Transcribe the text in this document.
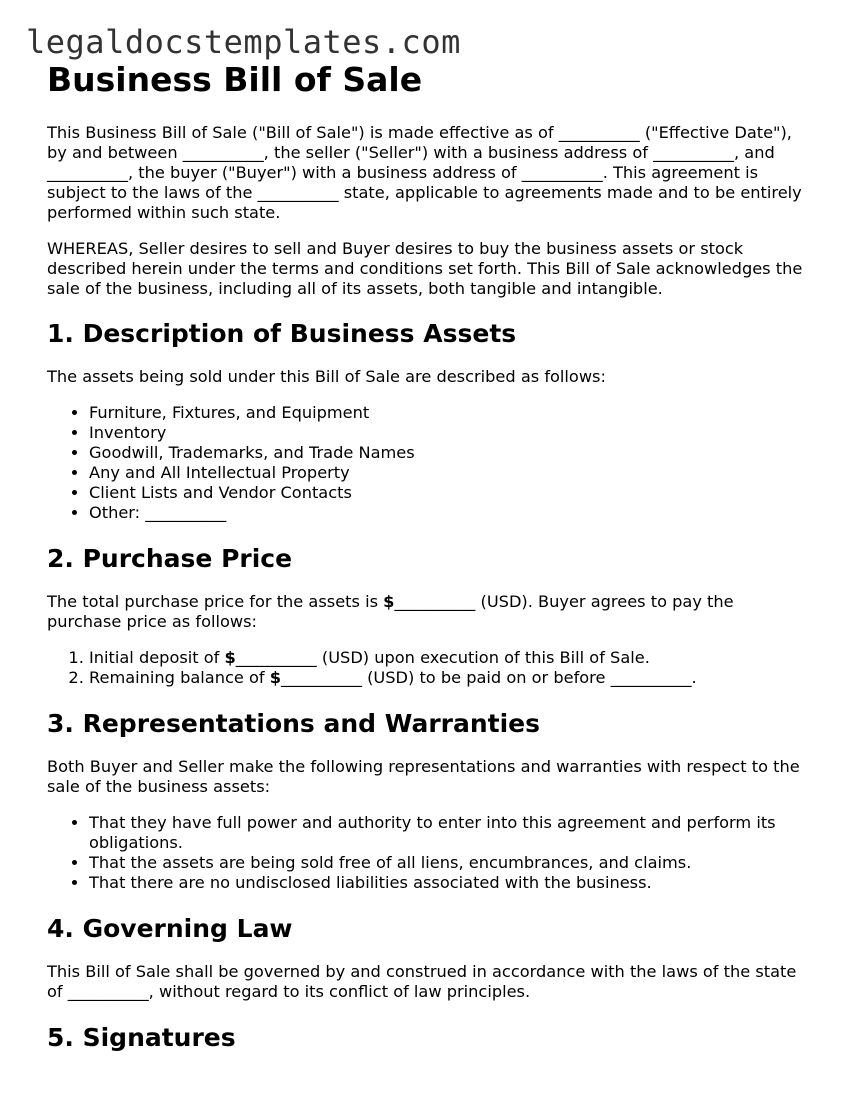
legaldocstemplates.com
Business Bill of Sale

This Business Bill of Sale ("Bill of Sale") is made effective as of __________ ("Effective Date"), by and between __________, the seller ("Seller") with a business address of __________, and __________, the buyer ("Buyer") with a business address of __________. This agreement is subject to the laws of the __________ state, applicable to agreements made and to be entirely performed within such state.

WHEREAS, Seller desires to sell and Buyer desires to buy the business assets or stock described herein under the terms and conditions set forth. This Bill of Sale acknowledges the sale of the business, including all of its assets, both tangible and intangible.

1. Description of Business Assets

The assets being sold under this Bill of Sale are described as follows:

• Furniture, Fixtures, and Equipment
• Inventory
• Goodwill, Trademarks, and Trade Names
• Any and All Intellectual Property
• Client Lists and Vendor Contacts
• Other: __________
2. Purchase Price

The total purchase price for the assets is $__________ (USD). Buyer agrees to pay the purchase price as follows:

1. Initial deposit of $__________ (USD) upon execution of this Bill of Sale.
2. Remaining balance of $__________ (USD) to be paid on or before __________.
3. Representations and Warranties

Both Buyer and Seller make the following representations and warranties with respect to the sale of the business assets:

• That they have full power and authority to enter into this agreement and perform its obligations.
• That the assets are being sold free of all liens, encumbrances, and claims.
• That there are no undisclosed liabilities associated with the business.
4. Governing Law

This Bill of Sale shall be governed by and construed in accordance with the laws of the state of __________, without regard to its conflict of law principles.

5. Signatures
